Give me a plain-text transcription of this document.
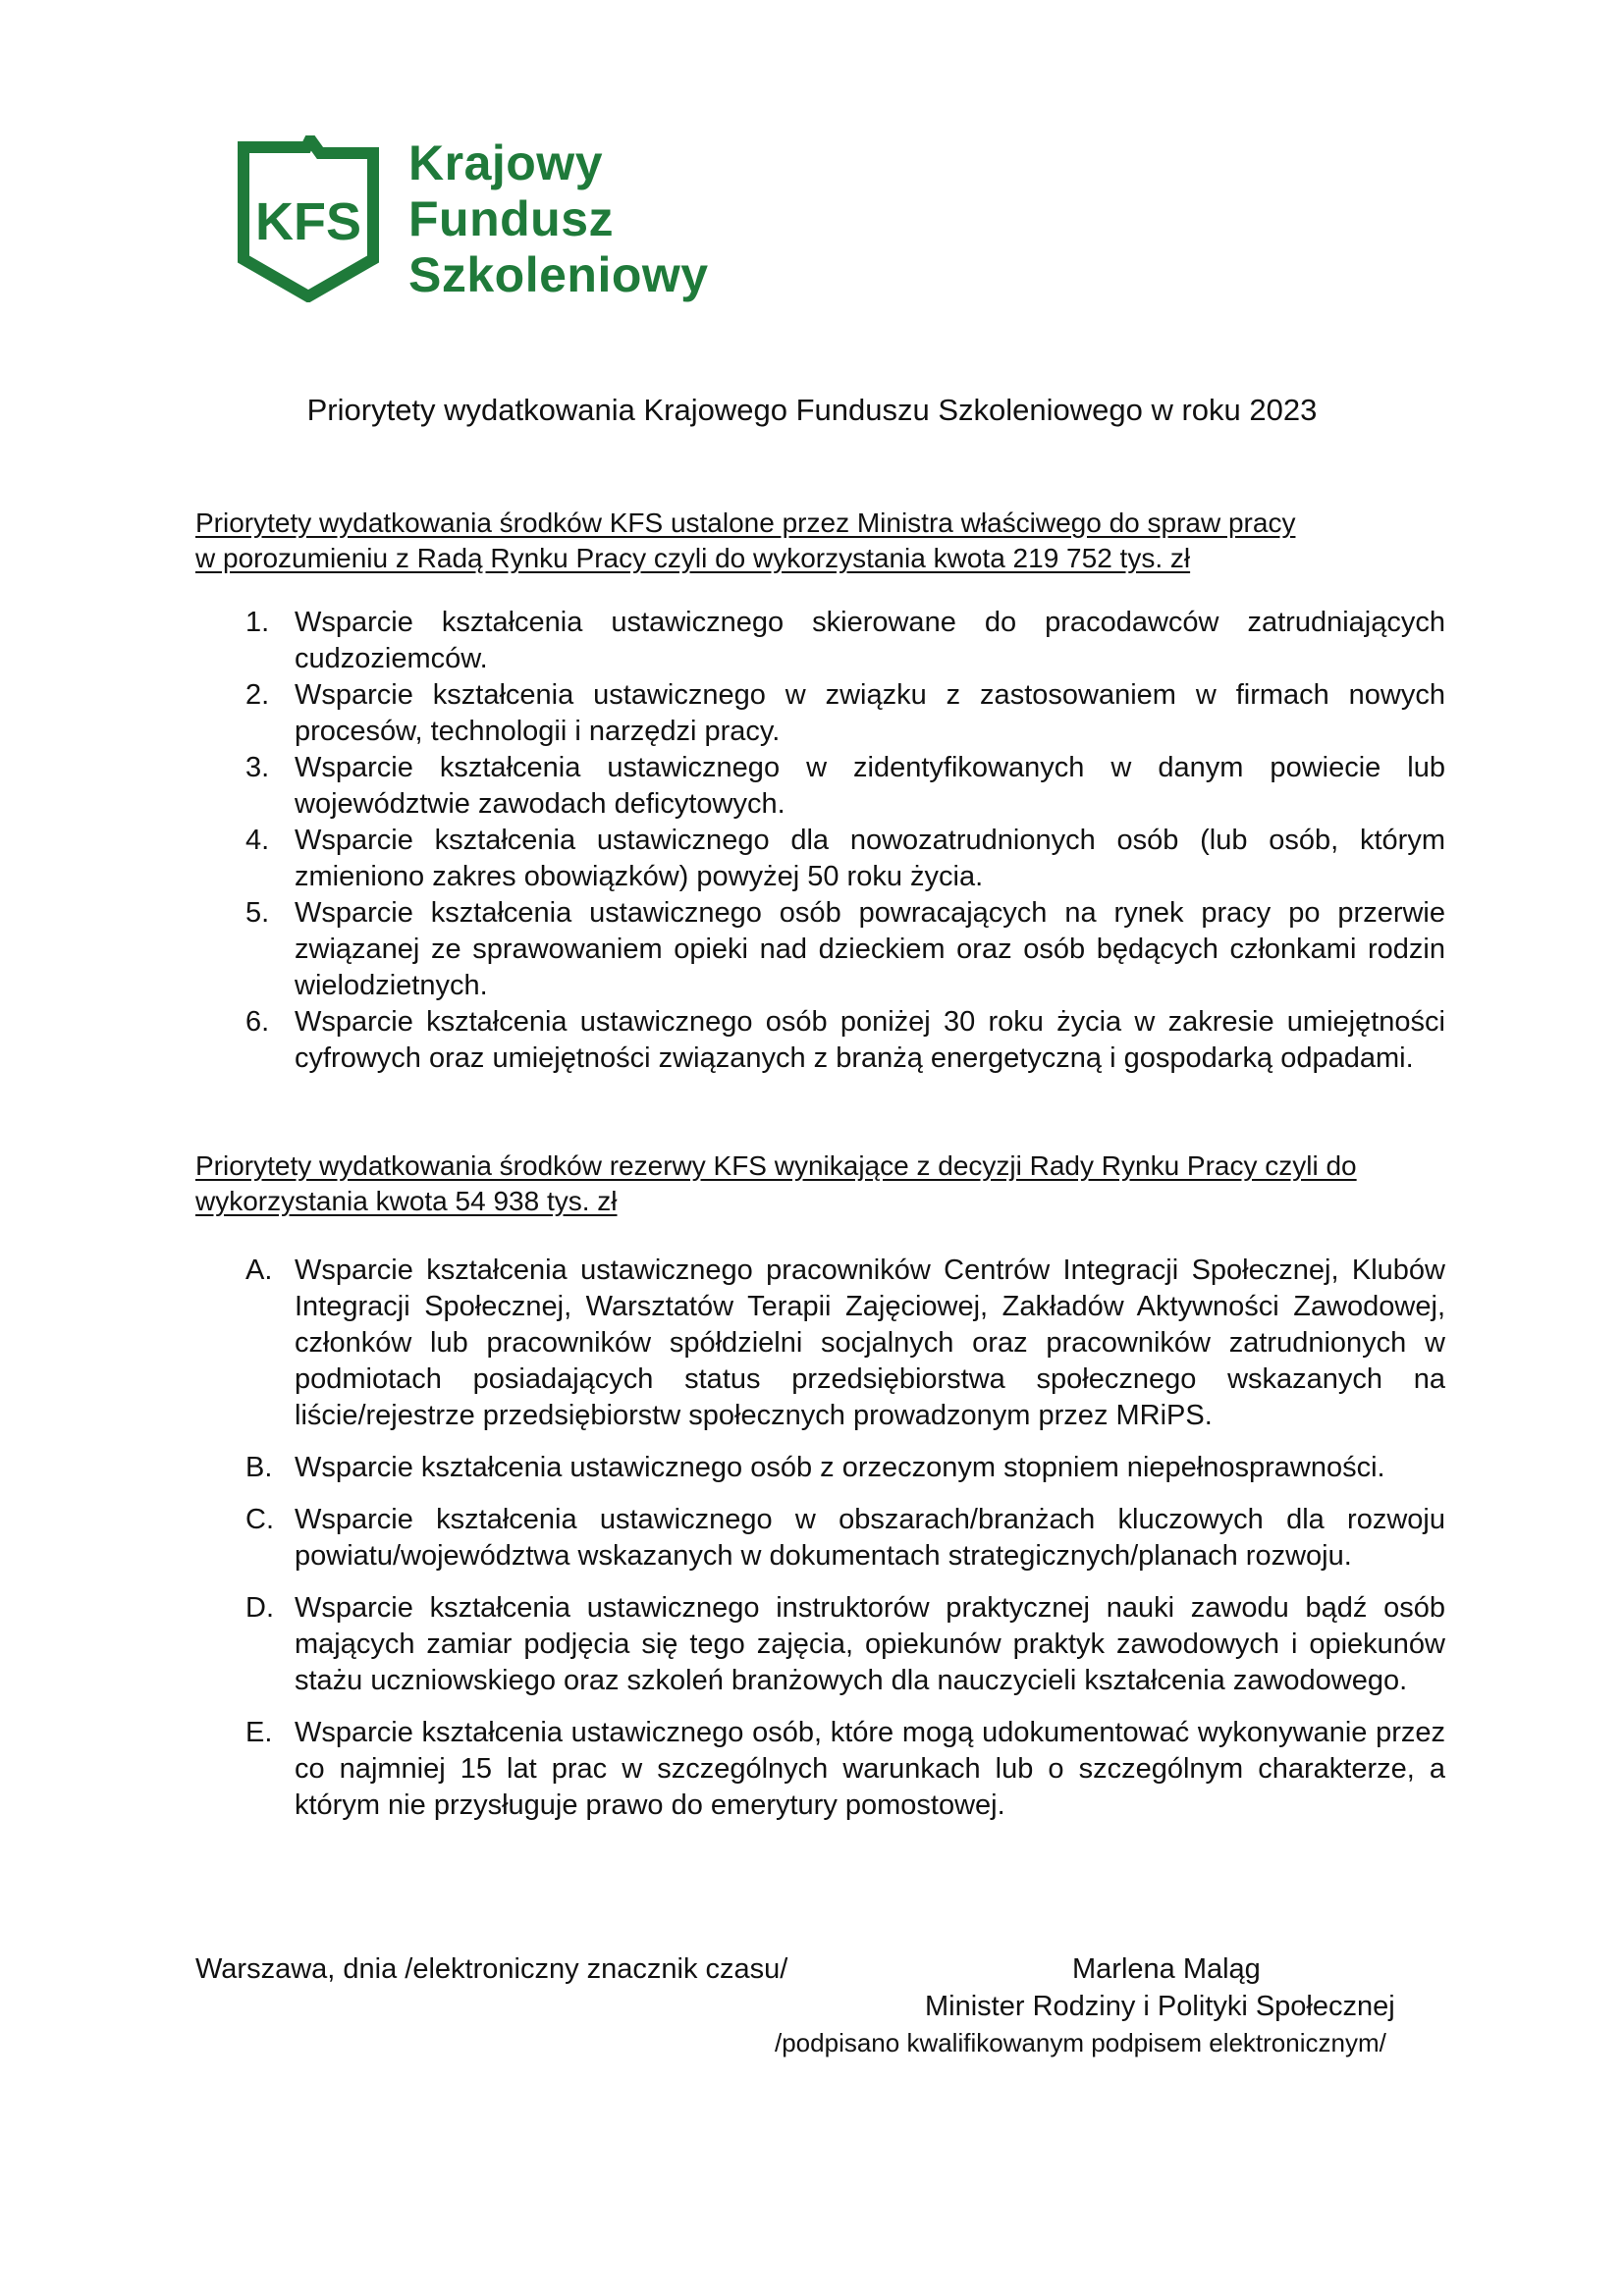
KFS
Krajowy
Fundusz
Szkoleniowy
Priorytety wydatkowania Krajowego Funduszu Szkoleniowego w roku 2023
Priorytety wydatkowania środków KFS ustalone przez Ministra właściwego do spraw pracy
w porozumieniu z Radą Rynku Pracy czyli do wykorzystania kwota 219 752 tys. zł
1. Wsparcie kształcenia ustawicznego skierowane do pracodawców zatrudniających cudzoziemców.
2. Wsparcie kształcenia ustawicznego w związku z zastosowaniem w firmach nowych procesów, technologii i narzędzi pracy.
3. Wsparcie kształcenia ustawicznego w zidentyfikowanych w danym powiecie lub województwie zawodach deficytowych.
4. Wsparcie kształcenia ustawicznego dla nowozatrudnionych osób (lub osób, którym zmieniono zakres obowiązków) powyżej 50 roku życia.
5. Wsparcie kształcenia ustawicznego osób powracających na rynek pracy po przerwie związanej ze sprawowaniem opieki nad dzieckiem oraz osób będących członkami rodzin wielodzietnych.
6. Wsparcie kształcenia ustawicznego osób poniżej 30 roku życia w zakresie umiejętności cyfrowych oraz umiejętności związanych z branżą energetyczną i gospodarką odpadami.
Priorytety wydatkowania środków rezerwy KFS wynikające z decyzji Rady Rynku Pracy czyli do
wykorzystania kwota 54 938 tys. zł
A. Wsparcie kształcenia ustawicznego pracowników Centrów Integracji Społecznej, Klubów Integracji Społecznej, Warsztatów Terapii Zajęciowej, Zakładów Aktywności Zawodowej, członków lub pracowników spółdzielni socjalnych oraz pracowników zatrudnionych w podmiotach posiadających status przedsiębiorstwa społecznego wskazanych na liście/rejestrze przedsiębiorstw społecznych prowadzonym przez MRiPS.
B. Wsparcie kształcenia ustawicznego osób z orzeczonym stopniem niepełnosprawności.
C. Wsparcie kształcenia ustawicznego w obszarach/branżach kluczowych dla rozwoju powiatu/województwa wskazanych w dokumentach strategicznych/planach rozwoju.
D. Wsparcie kształcenia ustawicznego instruktorów praktycznej nauki zawodu bądź osób mających zamiar podjęcia się tego zajęcia, opiekunów praktyk zawodowych i opiekunów stażu uczniowskiego oraz szkoleń branżowych dla nauczycieli kształcenia zawodowego.
E. Wsparcie kształcenia ustawicznego osób, które mogą udokumentować wykonywanie przez co najmniej 15 lat prac w szczególnych warunkach lub o szczególnym charakterze, a którym nie przysługuje prawo do emerytury pomostowej.
Warszawa, dnia /elektroniczny znacznik czasu/	Marlena Maląg
Minister Rodziny i Polityki Społecznej
/podpisano kwalifikowanym podpisem elektronicznym/
